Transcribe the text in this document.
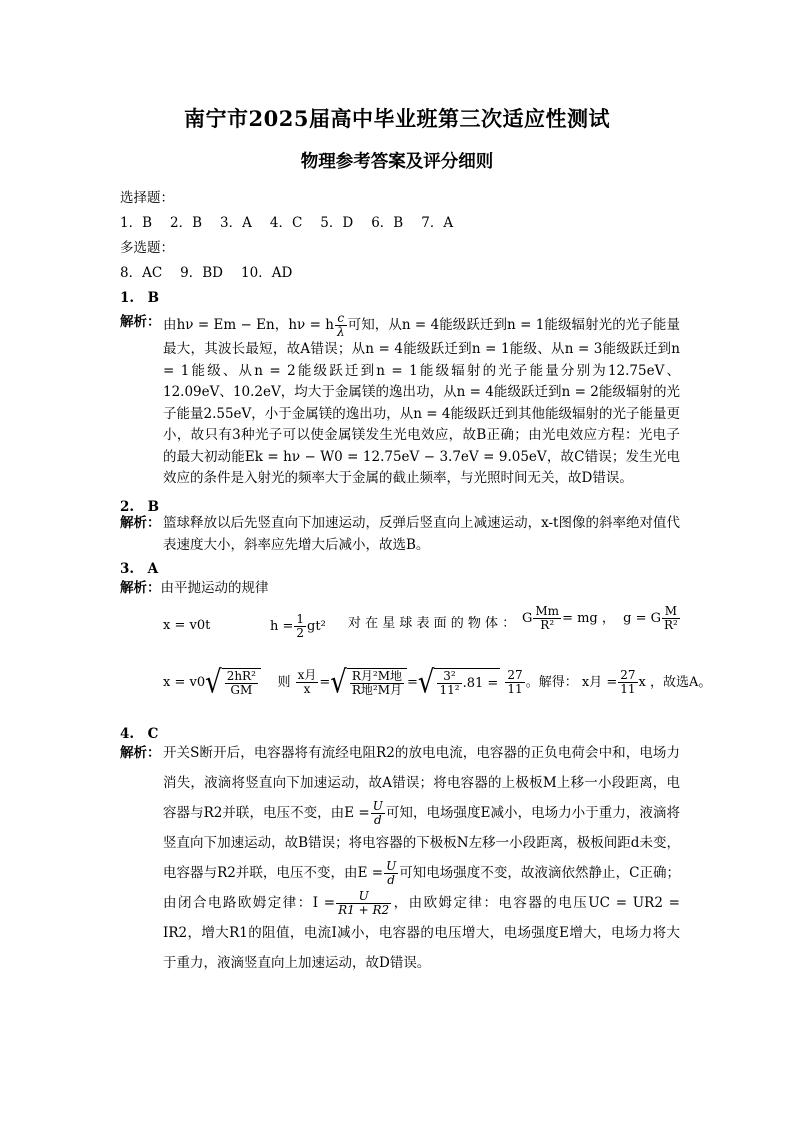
南宁市2025届高中毕业班第三次适应性测试
物理参考答案及评分细则
选择题：
1．B 2．B 3．A 4．C 5．D 6．B 7．A
多选题：
8．AC 9．BD 10．AD
1.　B
解析： 由hν = Em − En，hν = h $\frac{c}{\lambda}$ 可知，从n = 4能级跃迁到n = 1能级辐射光的光子能量最大，其波长最短，故A错误；从n = 4能级跃迁到n = 1能级、从n = 3能级跃迁到n = 1能级、从n = 2能级跃迁到n = 1能级辐射的光子能量分别为12.75eV、12.09eV、10.2eV，均大于金属镁的逸出功，从n = 4能级跃迁到n = 2能级辐射的光子能量2.55eV，小于金属镁的逸出功，从n = 4能级跃迁到其他能级辐射的光子能量更小，故只有3种光子可以使金属镁发生光电效应，故B正确；由光电效应方程：光电子的最大初动能Ek = hν − W0 = 12.75eV − 3.7eV = 9.05eV，故C错误；发生光电效应的条件是入射光的频率大于金属的截止频率，与光照时间无关，故D错误。
2.　B
解析： 篮球释放以后先竖直向下加速运动，反弹后竖直向上减速运动，x-t图像的斜率绝对值代表速度大小，斜率应先增大后减小，故选B。
3.　A
解析：由平抛运动的规律
x = v0t	$h = \frac{1}{2} gt^2$ 对 在 星 球 表 面 的 物 体 ： G $\frac{Mm}{\text{R²}}$ = mg ， g = G $\frac{M}{\text{R²}}$
x = v0 √ $\frac{\text{2hR²}}{GM}$ 则 $\frac{\text{x月}}{x}$ = √ $\frac{\text{R月²M地}}{\text{R地²M月}}$ = √ $\frac{\text{3²}}{\text{11²}} .81$ =
$\frac{27}{11}$ 。解得： x月 = $\frac{27}{11}$ x ，故选A。
4.　C
解析： 开关S断开后，电容器将有流经电阻R2的放电电流，电容器的正负电荷会中和，电场力消失，液滴将竖直向下加速运动，故A错误；将电容器的上极板M上移一小段距离，电容器与R2并联，电压不变，由$E = \frac{U}{d}$ 可知，电场强度E减小，电场力小于重力，液滴将竖直向下加速运动，故B错误；将电容器的下极板N左移一小段距离，极板间距d未变，电容器与R2并联，电压不变，由$E = \frac{U}{d}$ 可知电场强度不变，故液滴依然静止，C正确；由闭合电路欧姆定律：$I = \frac{U}{R1 + R2}$ ，由欧姆定律：电容器的电压UC = UR2 = IR2，增大R1的阻值，电流I减小，电容器的电压增大，电场强度E增大，电场力将大于重力，液滴竖直向上加速运动，故D错误。
